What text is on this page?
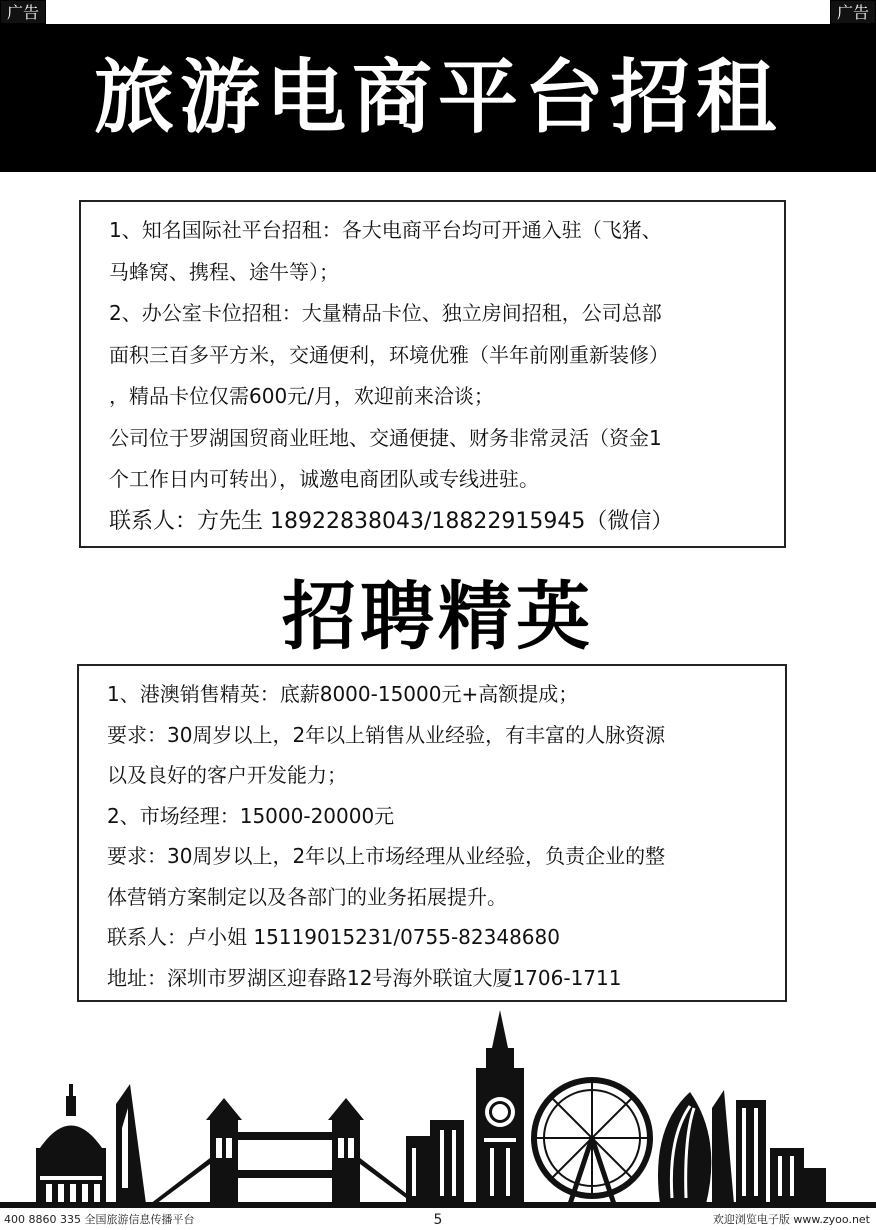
广告	广告
旅游电商平台招租
1、知名国际社平台招租：各大电商平台均可开通入驻（飞猪、
马蜂窝、携程、途牛等）；
2、办公室卡位招租：大量精品卡位、独立房间招租，公司总部
面积三百多平方米，交通便利，环境优雅（半年前刚重新装修）
，精品卡位仅需600元/月，欢迎前来洽谈；
公司位于罗湖国贸商业旺地、交通便捷、财务非常灵活（资金1
个工作日内可转出），诚邀电商团队或专线进驻。
联系人：方先生 18922838043/18822915945（微信）
招聘精英
1、港澳销售精英：底薪8000-15000元+高额提成；
要求：30周岁以上，2年以上销售从业经验，有丰富的人脉资源
以及良好的客户开发能力；
2、市场经理：15000-20000元
要求：30周岁以上，2年以上市场经理从业经验，负责企业的整
体营销方案制定以及各部门的业务拓展提升。
联系人：卢小姐 15119015231/0755-82348680
地址：深圳市罗湖区迎春路12号海外联谊大厦1706-1711
400 8860 335 全国旅游信息传播平台	5	欢迎浏览电子版 www.zyoo.net
